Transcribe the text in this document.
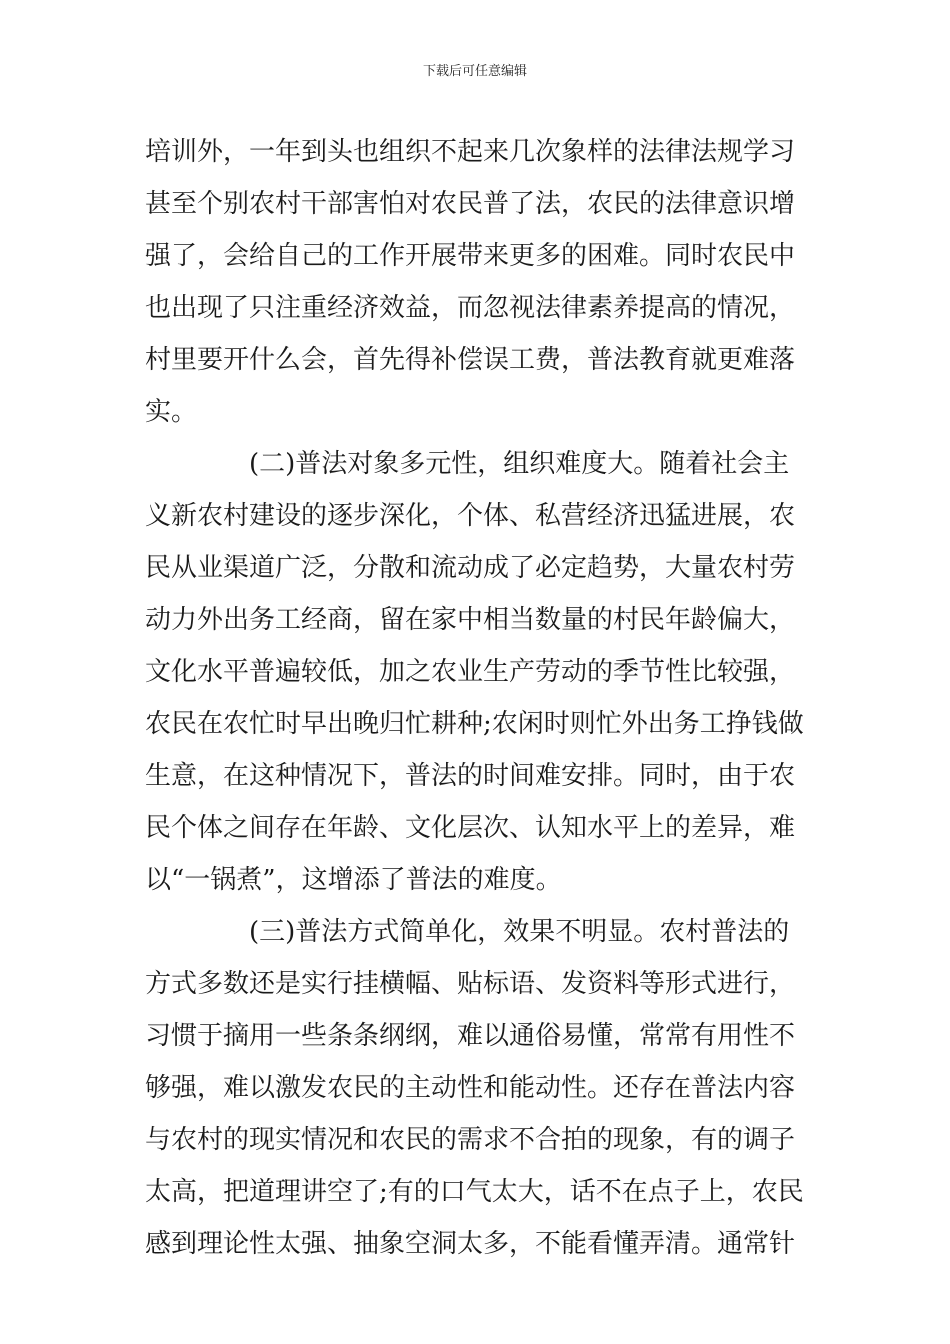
下载后可任意编辑
培训外，一年到头也组织不起来几次象样的法律法规学习
甚至个别农村干部害怕对农民普了法，农民的法律意识增
强了，会给自己的工作开展带来更多的困难。同时农民中
也出现了只注重经济效益，而忽视法律素养提高的情况，
村里要开什么会，首先得补偿误工费，普法教育就更难落
实。
(二)普法对象多元性，组织难度大。随着社会主
义新农村建设的逐步深化，个体、私营经济迅猛进展，农
民从业渠道广泛，分散和流动成了必定趋势，大量农村劳
动力外出务工经商，留在家中相当数量的村民年龄偏大，
文化水平普遍较低，加之农业生产劳动的季节性比较强，
农民在农忙时早出晚归忙耕种;农闲时则忙外出务工挣钱做
生意，在这种情况下，普法的时间难安排。同时，由于农
民个体之间存在年龄、文化层次、认知水平上的差异，难
以“一锅煮”，这增添了普法的难度。
(三)普法方式简单化，效果不明显。农村普法的
方式多数还是实行挂横幅、贴标语、发资料等形式进行，
习惯于摘用一些条条纲纲，难以通俗易懂，常常有用性不
够强，难以激发农民的主动性和能动性。还存在普法内容
与农村的现实情况和农民的需求不合拍的现象，有的调子
太高，把道理讲空了;有的口气太大，话不在点子上，农民
感到理论性太强、抽象空洞太多，不能看懂弄清。通常针
